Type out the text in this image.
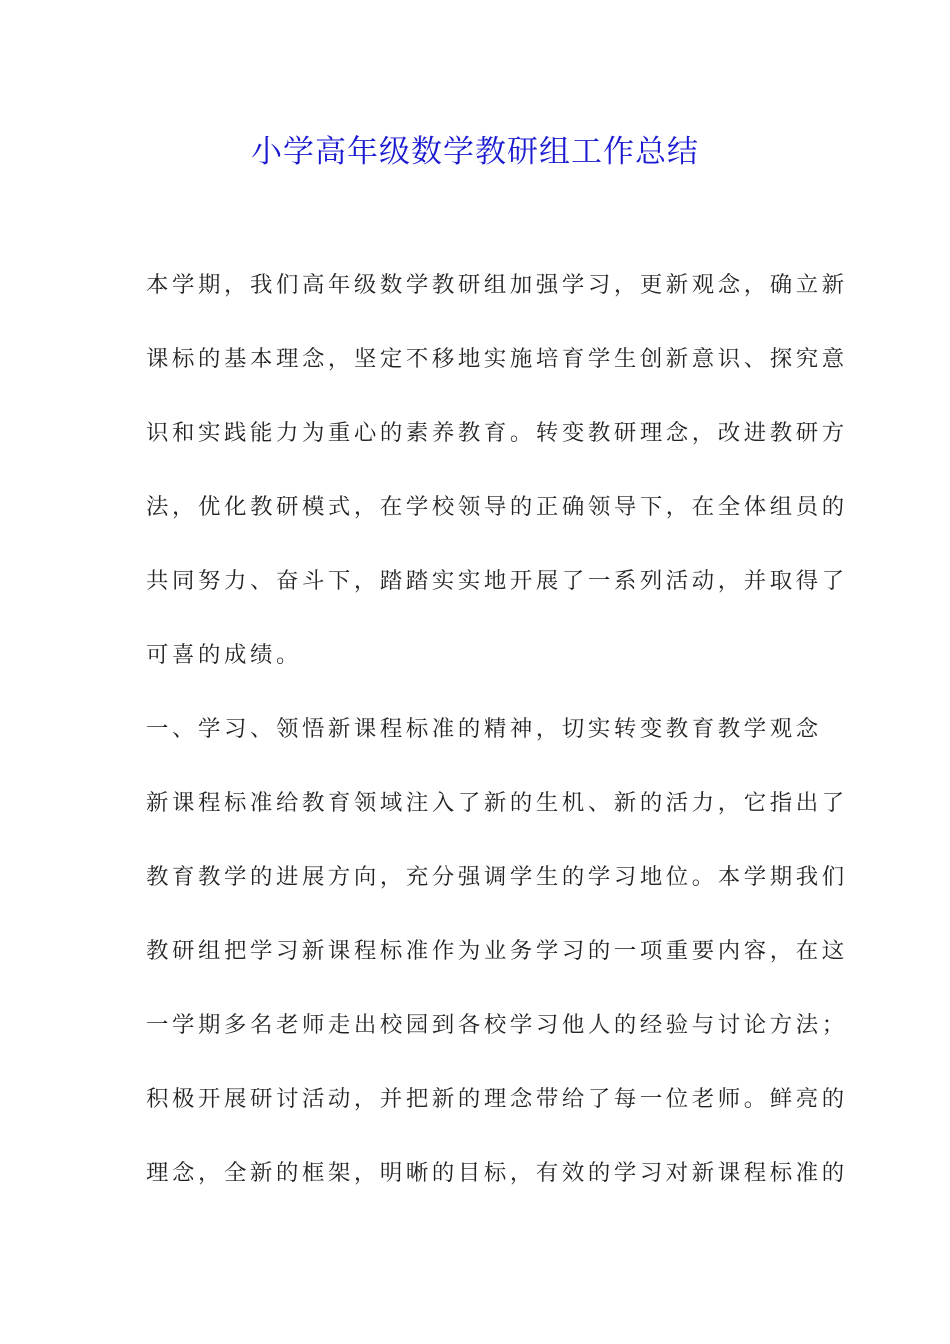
小学高年级数学教研组工作总结
本学期，我们高年级数学教研组加强学习，更新观念，确立新
课标的基本理念，坚定不移地实施培育学生创新意识、探究意
识和实践能力为重心的素养教育。转变教研理念，改进教研方
法，优化教研模式，在学校领导的正确领导下，在全体组员的
共同努力、奋斗下，踏踏实实地开展了一系列活动，并取得了
可喜的成绩。
一、学习、领悟新课程标准的精神，切实转变教育教学观念
新课程标准给教育领域注入了新的生机、新的活力，它指出了
教育教学的进展方向，充分强调学生的学习地位。本学期我们
教研组把学习新课程标准作为业务学习的一项重要内容，在这
一学期多名老师走出校园到各校学习他人的经验与讨论方法；
积极开展研讨活动，并把新的理念带给了每一位老师。鲜亮的
理念，全新的框架，明晰的目标，有效的学习对新课程标准的
